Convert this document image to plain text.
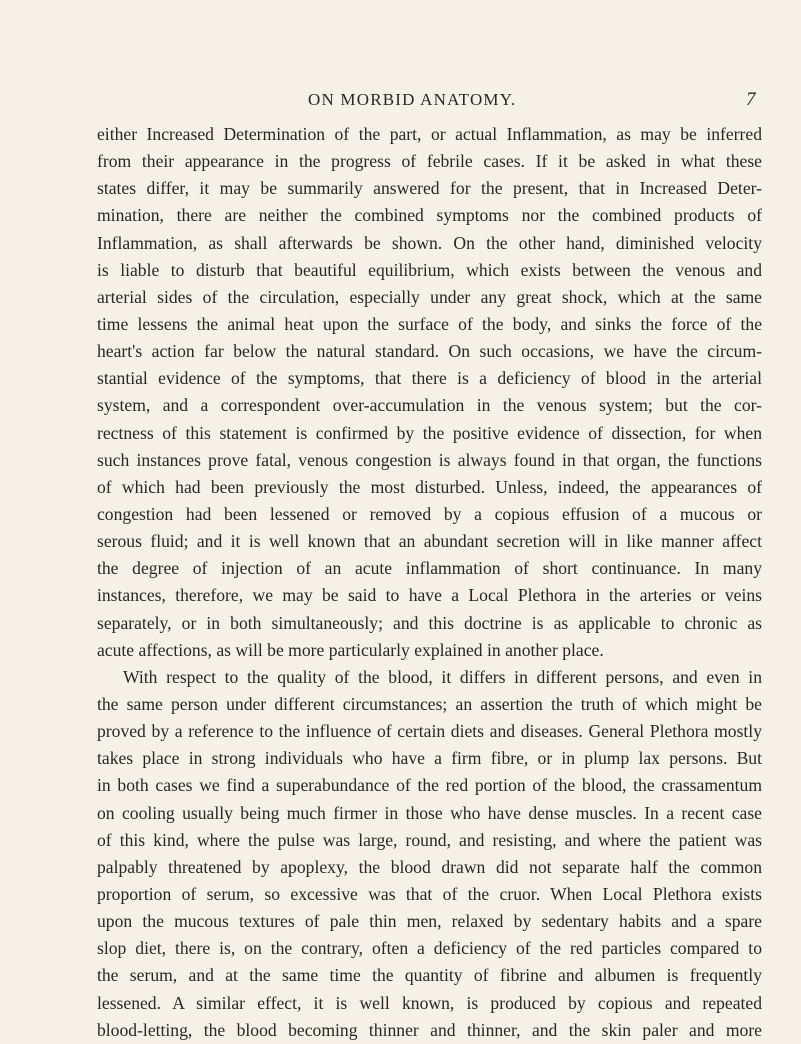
ON MORBID ANATOMY.	7
either Increased Determination of the part, or actual Inflammation, as may be inferred
from their appearance in the progress of febrile cases. If it be asked in what these
states differ, it may be summarily answered for the present, that in Increased Deter-
mination, there are neither the combined symptoms nor the combined products of
Inflammation, as shall afterwards be shown. On the other hand, diminished velocity
is liable to disturb that beautiful equilibrium, which exists between the venous and
arterial sides of the circulation, especially under any great shock, which at the same
time lessens the animal heat upon the surface of the body, and sinks the force of the
heart's action far below the natural standard. On such occasions, we have the circum-
stantial evidence of the symptoms, that there is a deficiency of blood in the arterial
system, and a correspondent over-accumulation in the venous system; but the cor-
rectness of this statement is confirmed by the positive evidence of dissection, for when
such instances prove fatal, venous congestion is always found in that organ, the functions
of which had been previously the most disturbed. Unless, indeed, the appearances of
congestion had been lessened or removed by a copious effusion of a mucous or
serous fluid; and it is well known that an abundant secretion will in like manner affect
the degree of injection of an acute inflammation of short continuance. In many
instances, therefore, we may be said to have a Local Plethora in the arteries or veins
separately, or in both simultaneously; and this doctrine is as applicable to chronic as
acute affections, as will be more particularly explained in another place.
With respect to the quality of the blood, it differs in different persons, and even in
the same person under different circumstances; an assertion the truth of which might be
proved by a reference to the influence of certain diets and diseases. General Plethora mostly
takes place in strong individuals who have a firm fibre, or in plump lax persons. But
in both cases we find a superabundance of the red portion of the blood, the crassamentum
on cooling usually being much firmer in those who have dense muscles. In a recent case
of this kind, where the pulse was large, round, and resisting, and where the patient was
palpably threatened by apoplexy, the blood drawn did not separate half the common
proportion of serum, so excessive was that of the cruor. When Local Plethora exists
upon the mucous textures of pale thin men, relaxed by sedentary habits and a spare
slop diet, there is, on the contrary, often a deficiency of the red particles compared to
the serum, and at the same time the quantity of fibrine and albumen is frequently
lessened. A similar effect, it is well known, is produced by copious and repeated
blood-letting, the blood becoming thinner and thinner, and the skin paler and more
